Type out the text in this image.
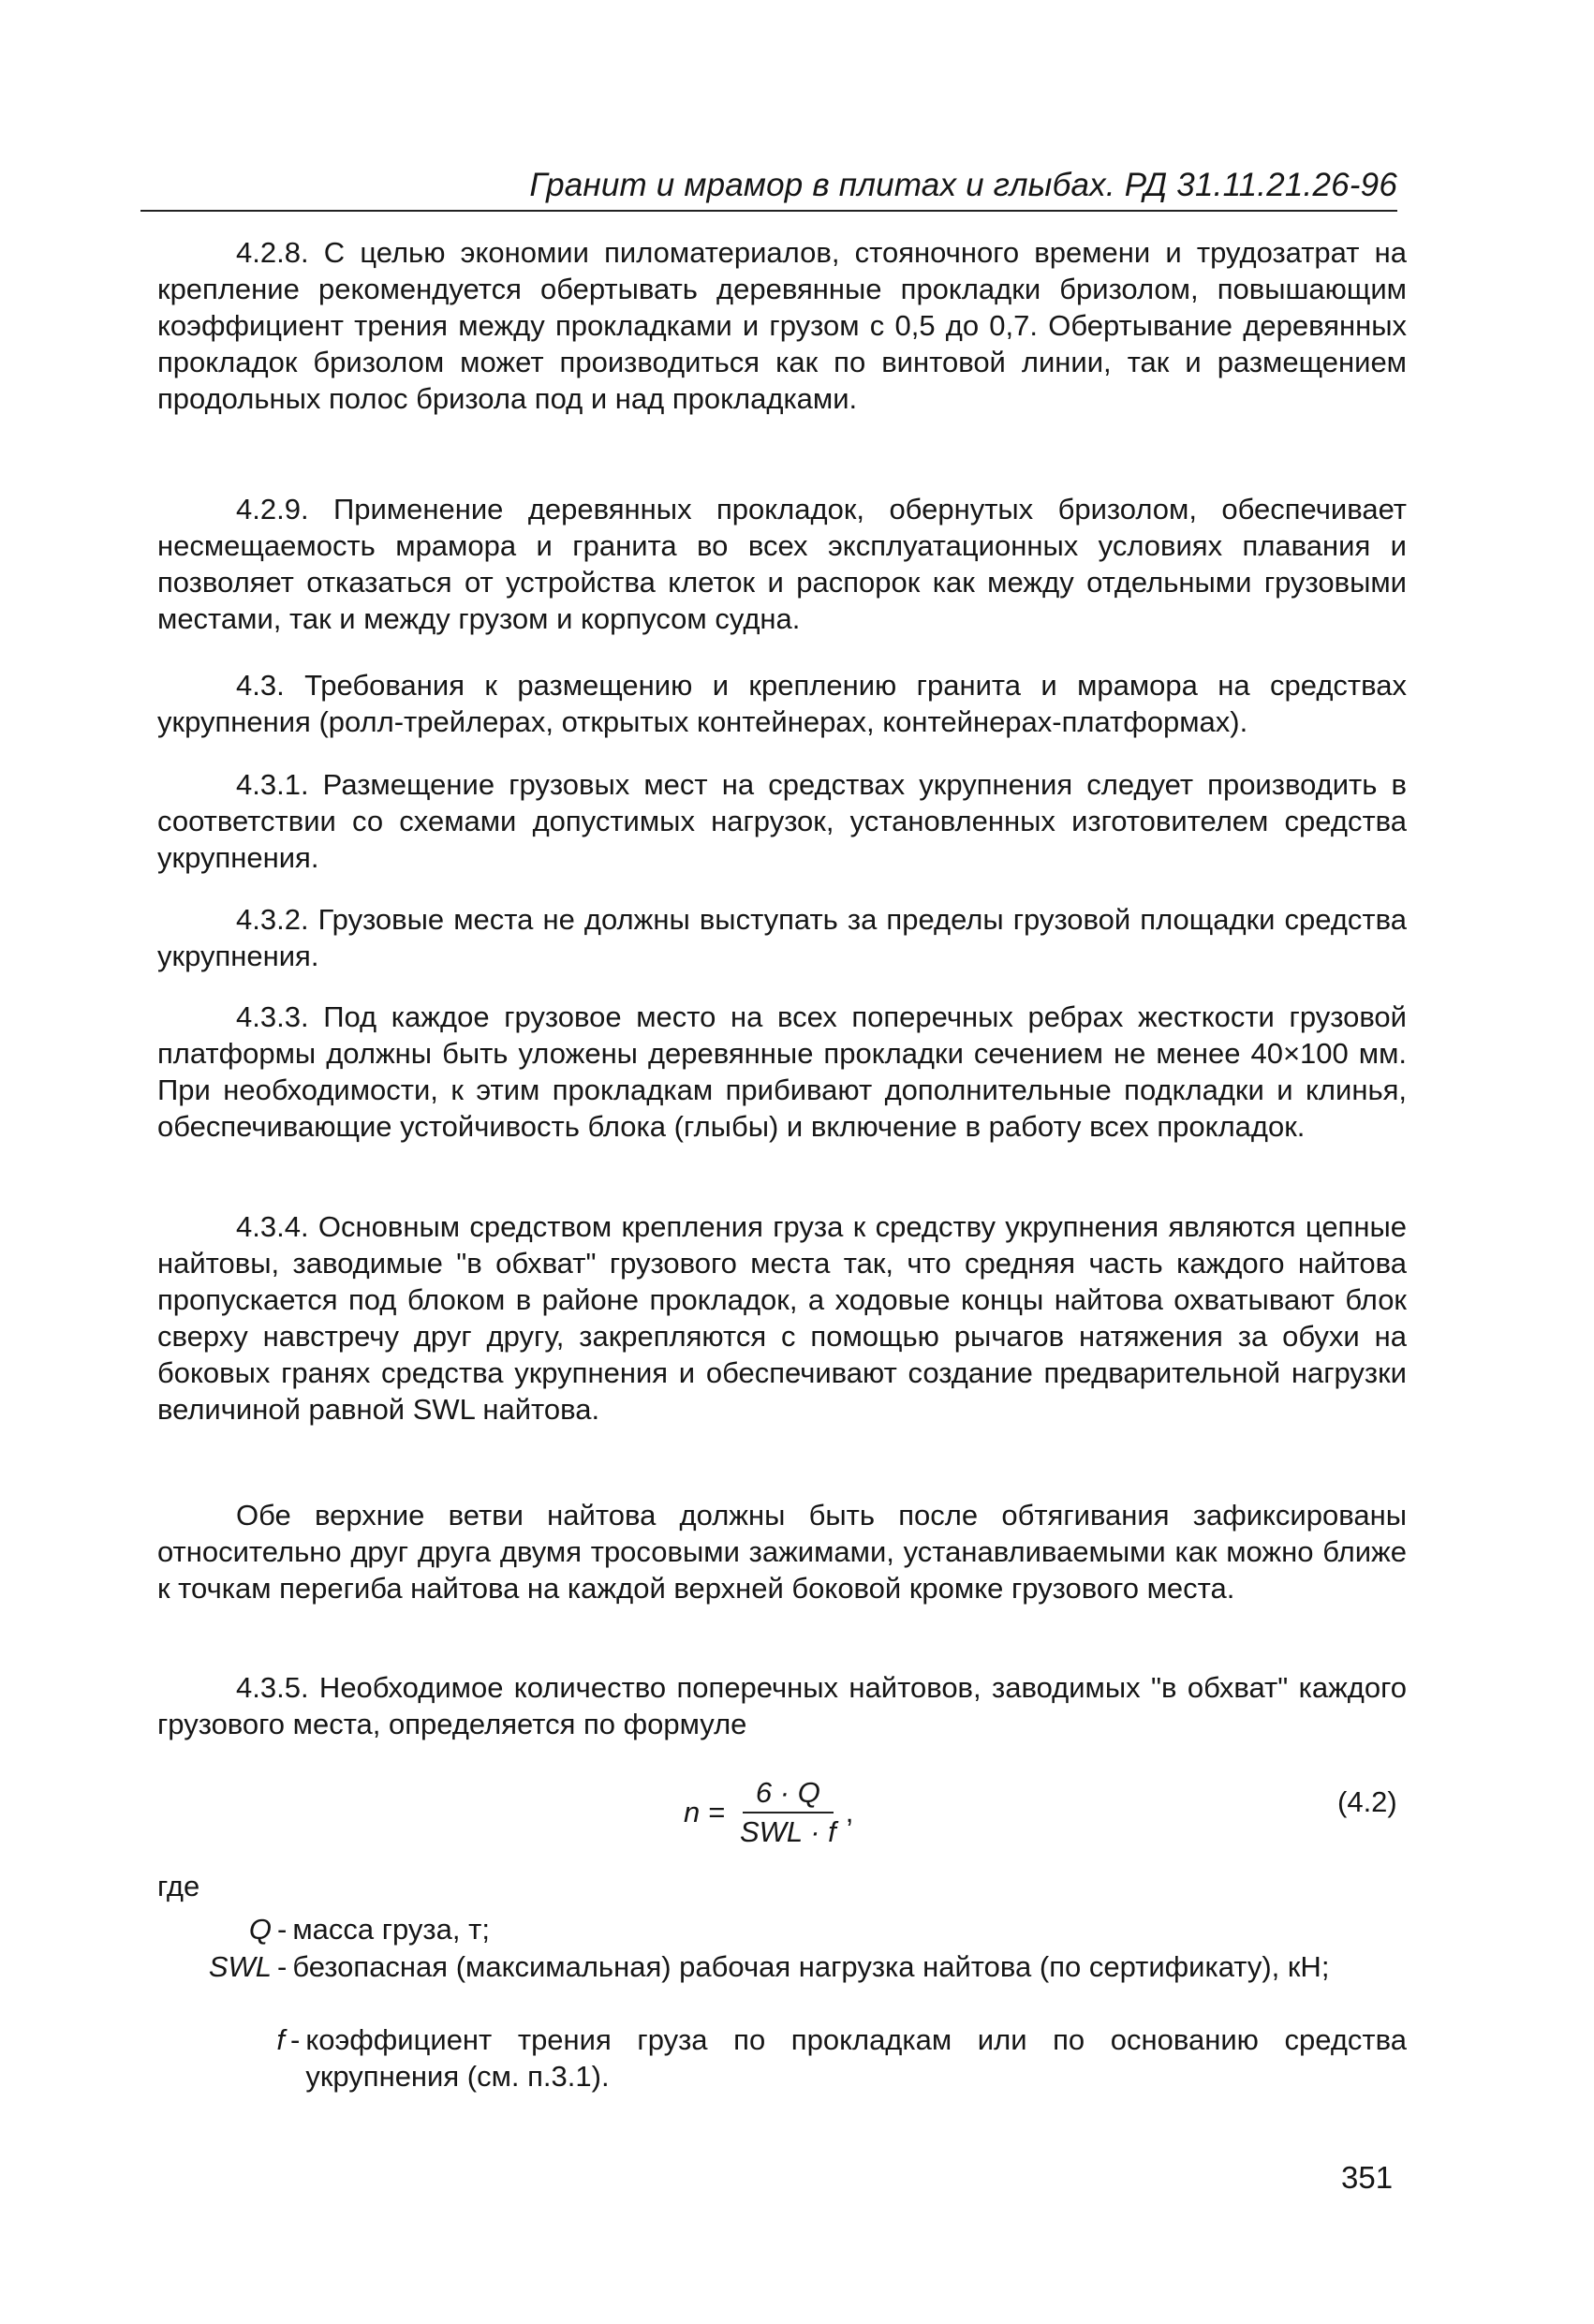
Гранит и мрамор в плитах и глыбах. РД 31.11.21.26-96

4.2.8. С целью экономии пиломатериалов, стояночного времени и трудозатрат на крепление рекомендуется обертывать деревянные прокладки бризолом, повышающим коэффициент трения между прокладками и грузом с 0,5 до 0,7. Обертывание деревянных прокладок бризолом может производиться как по винтовой линии, так и размещением продольных полос бризола под и над прокладками.

4.2.9. Применение деревянных прокладок, обернутых бризолом, обеспечивает несмещаемость мрамора и гранита во всех эксплуатационных условиях плавания и позволяет отказаться от устройства клеток и распорок как между отдельными грузовыми местами, так и между грузом и корпусом судна.

4.3. Требования к размещению и креплению гранита и мрамора на средствах укрупнения (ролл-трейлерах, открытых контейнерах, контейнерах-платформах).

4.3.1. Размещение грузовых мест на средствах укрупнения следует производить в соответствии со схемами допустимых нагрузок, установленных изготовителем средства укрупнения.

4.3.2. Грузовые места не должны выступать за пределы грузовой площадки средства укрупнения.

4.3.3. Под каждое грузовое место на всех поперечных ребрах жесткости грузовой платформы должны быть уложены деревянные прокладки сечением не менее 40×100 мм. При необходимости, к этим прокладкам прибивают дополнительные подкладки и клинья, обеспечивающие устойчивость блока (глыбы) и включение в работу всех прокладок.

4.3.4. Основным средством крепления груза к средству укрупнения являются цепные найтовы, заводимые "в обхват" грузового места так, что средняя часть каждого найтова пропускается под блоком в районе прокладок, а ходовые концы найтова охватывают блок сверху навстречу друг другу, закрепляются с помощью рычагов натяжения за обухи на боковых гранях средства укрупнения и обеспечивают создание предварительной нагрузки величиной равной SWL найтова.

Обе верхние ветви найтова должны быть после обтягивания зафиксированы относительно друг друга двумя тросовыми зажимами, устанавливаемыми как можно ближе к точкам перегиба найтова на каждой верхней боковой кромке грузового места.

4.3.5. Необходимое количество поперечных найтовов, заводимых "в обхват" каждого грузового места, определяется по формуле

$n = \frac{6 \cdot Q}{\text{SWL · f}}$ ,	(4.2)
где
Q - масса груза, т;
SWL - безопасная (максимальная) рабочая нагрузка найтова (по сертификату), кН;
f - коэффициент трения груза по прокладкам или по основанию средства укрупнения (см. п.3.1).
351
